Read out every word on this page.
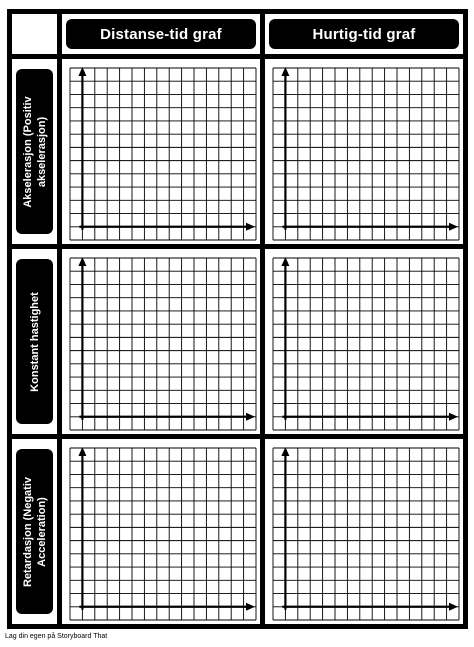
Distanse-tid graf	Hurtig-tid graf
Akselerasjon (Positiv akselerasjon)
Konstant hastighet
Retardasjon (Negativ Acceleration)
Lag din egen på Storyboard That
